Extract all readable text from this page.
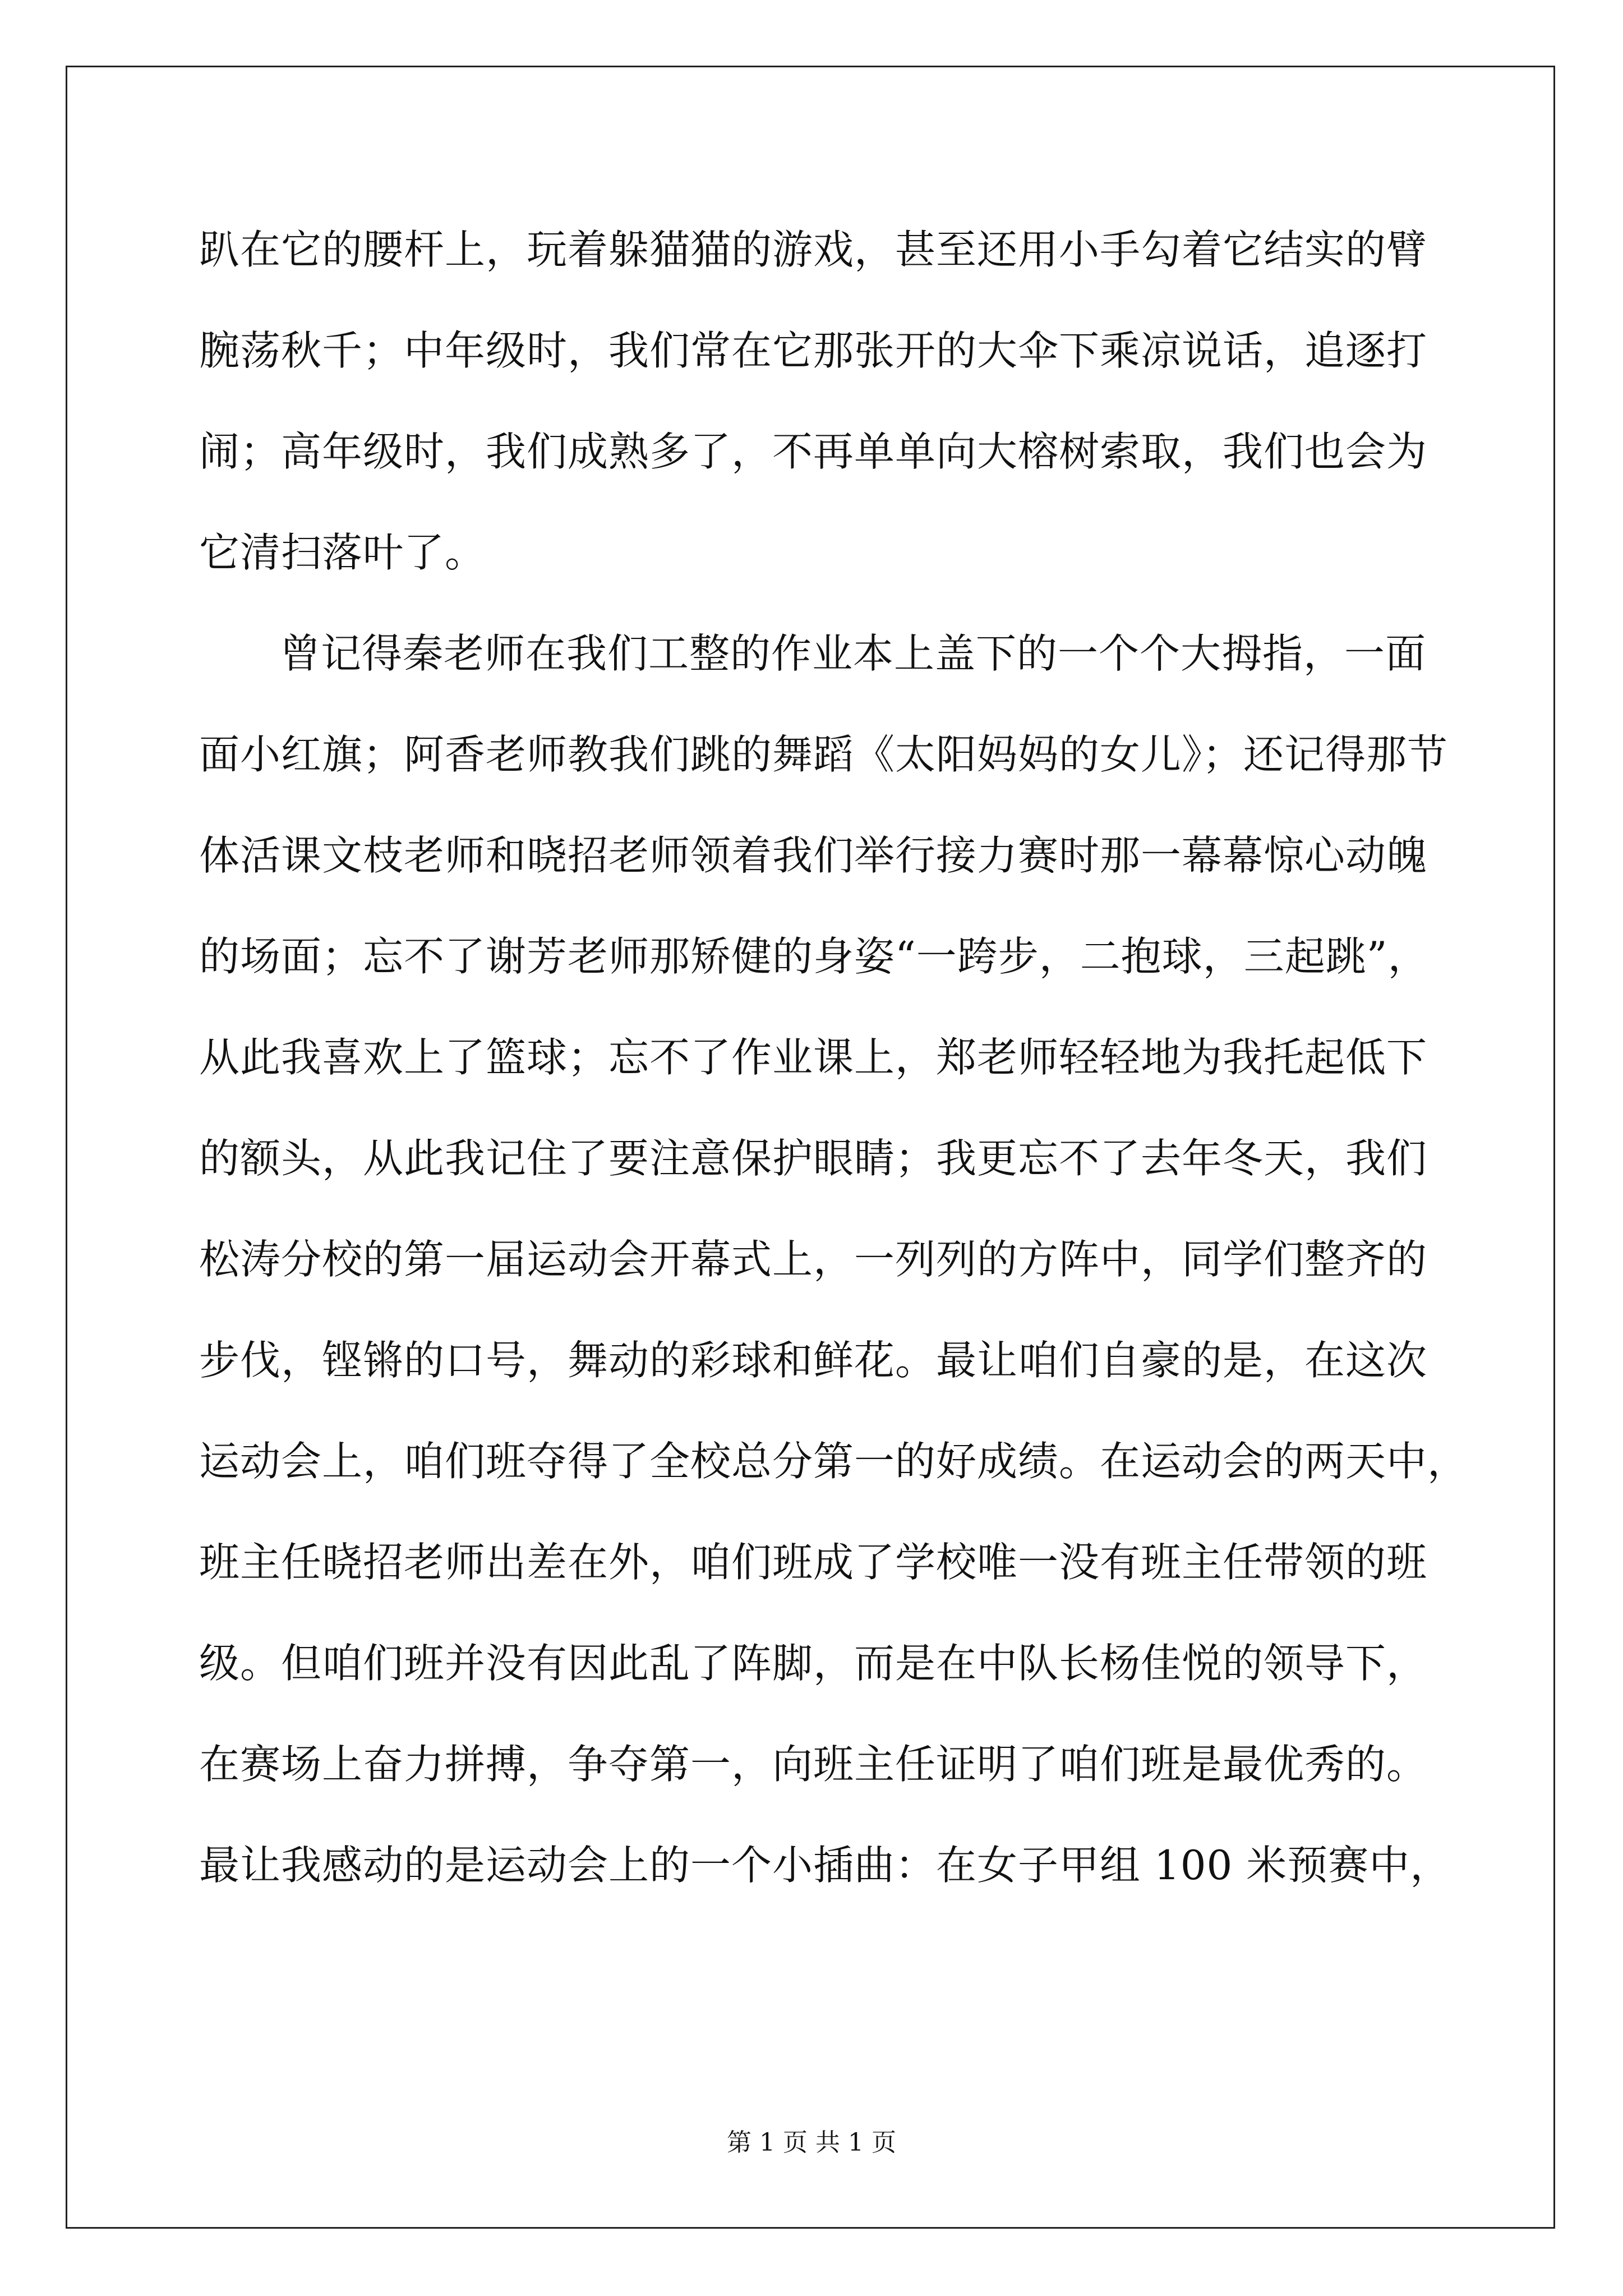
趴在它的腰杆上，玩着躲猫猫的游戏，甚至还用小手勾着它结实的臂
腕荡秋千；中年级时，我们常在它那张开的大伞下乘凉说话，追逐打
闹；高年级时，我们成熟多了，不再单单向大榕树索取，我们也会为
它清扫落叶了。
曾记得秦老师在我们工整的作业本上盖下的一个个大拇指，一面
面小红旗；阿香老师教我们跳的舞蹈《太阳妈妈的女儿》；还记得那节
体活课文枝老师和晓招老师领着我们举行接力赛时那一幕幕惊心动魄
的场面；忘不了谢芳老师那矫健的身姿“一跨步，二抱球，三起跳”，
从此我喜欢上了篮球；忘不了作业课上，郑老师轻轻地为我托起低下
的额头，从此我记住了要注意保护眼睛；我更忘不了去年冬天，我们
松涛分校的第一届运动会开幕式上，一列列的方阵中，同学们整齐的
步伐，铿锵的口号，舞动的彩球和鲜花。最让咱们自豪的是，在这次
运动会上，咱们班夺得了全校总分第一的好成绩。在运动会的两天中，
班主任晓招老师出差在外，咱们班成了学校唯一没有班主任带领的班
级。但咱们班并没有因此乱了阵脚，而是在中队长杨佳悦的领导下，
在赛场上奋力拼搏，争夺第一，向班主任证明了咱们班是最优秀的。
最让我感动的是运动会上的一个小插曲：在女子甲组 100 米预赛中，
第 1 页 共 1 页
